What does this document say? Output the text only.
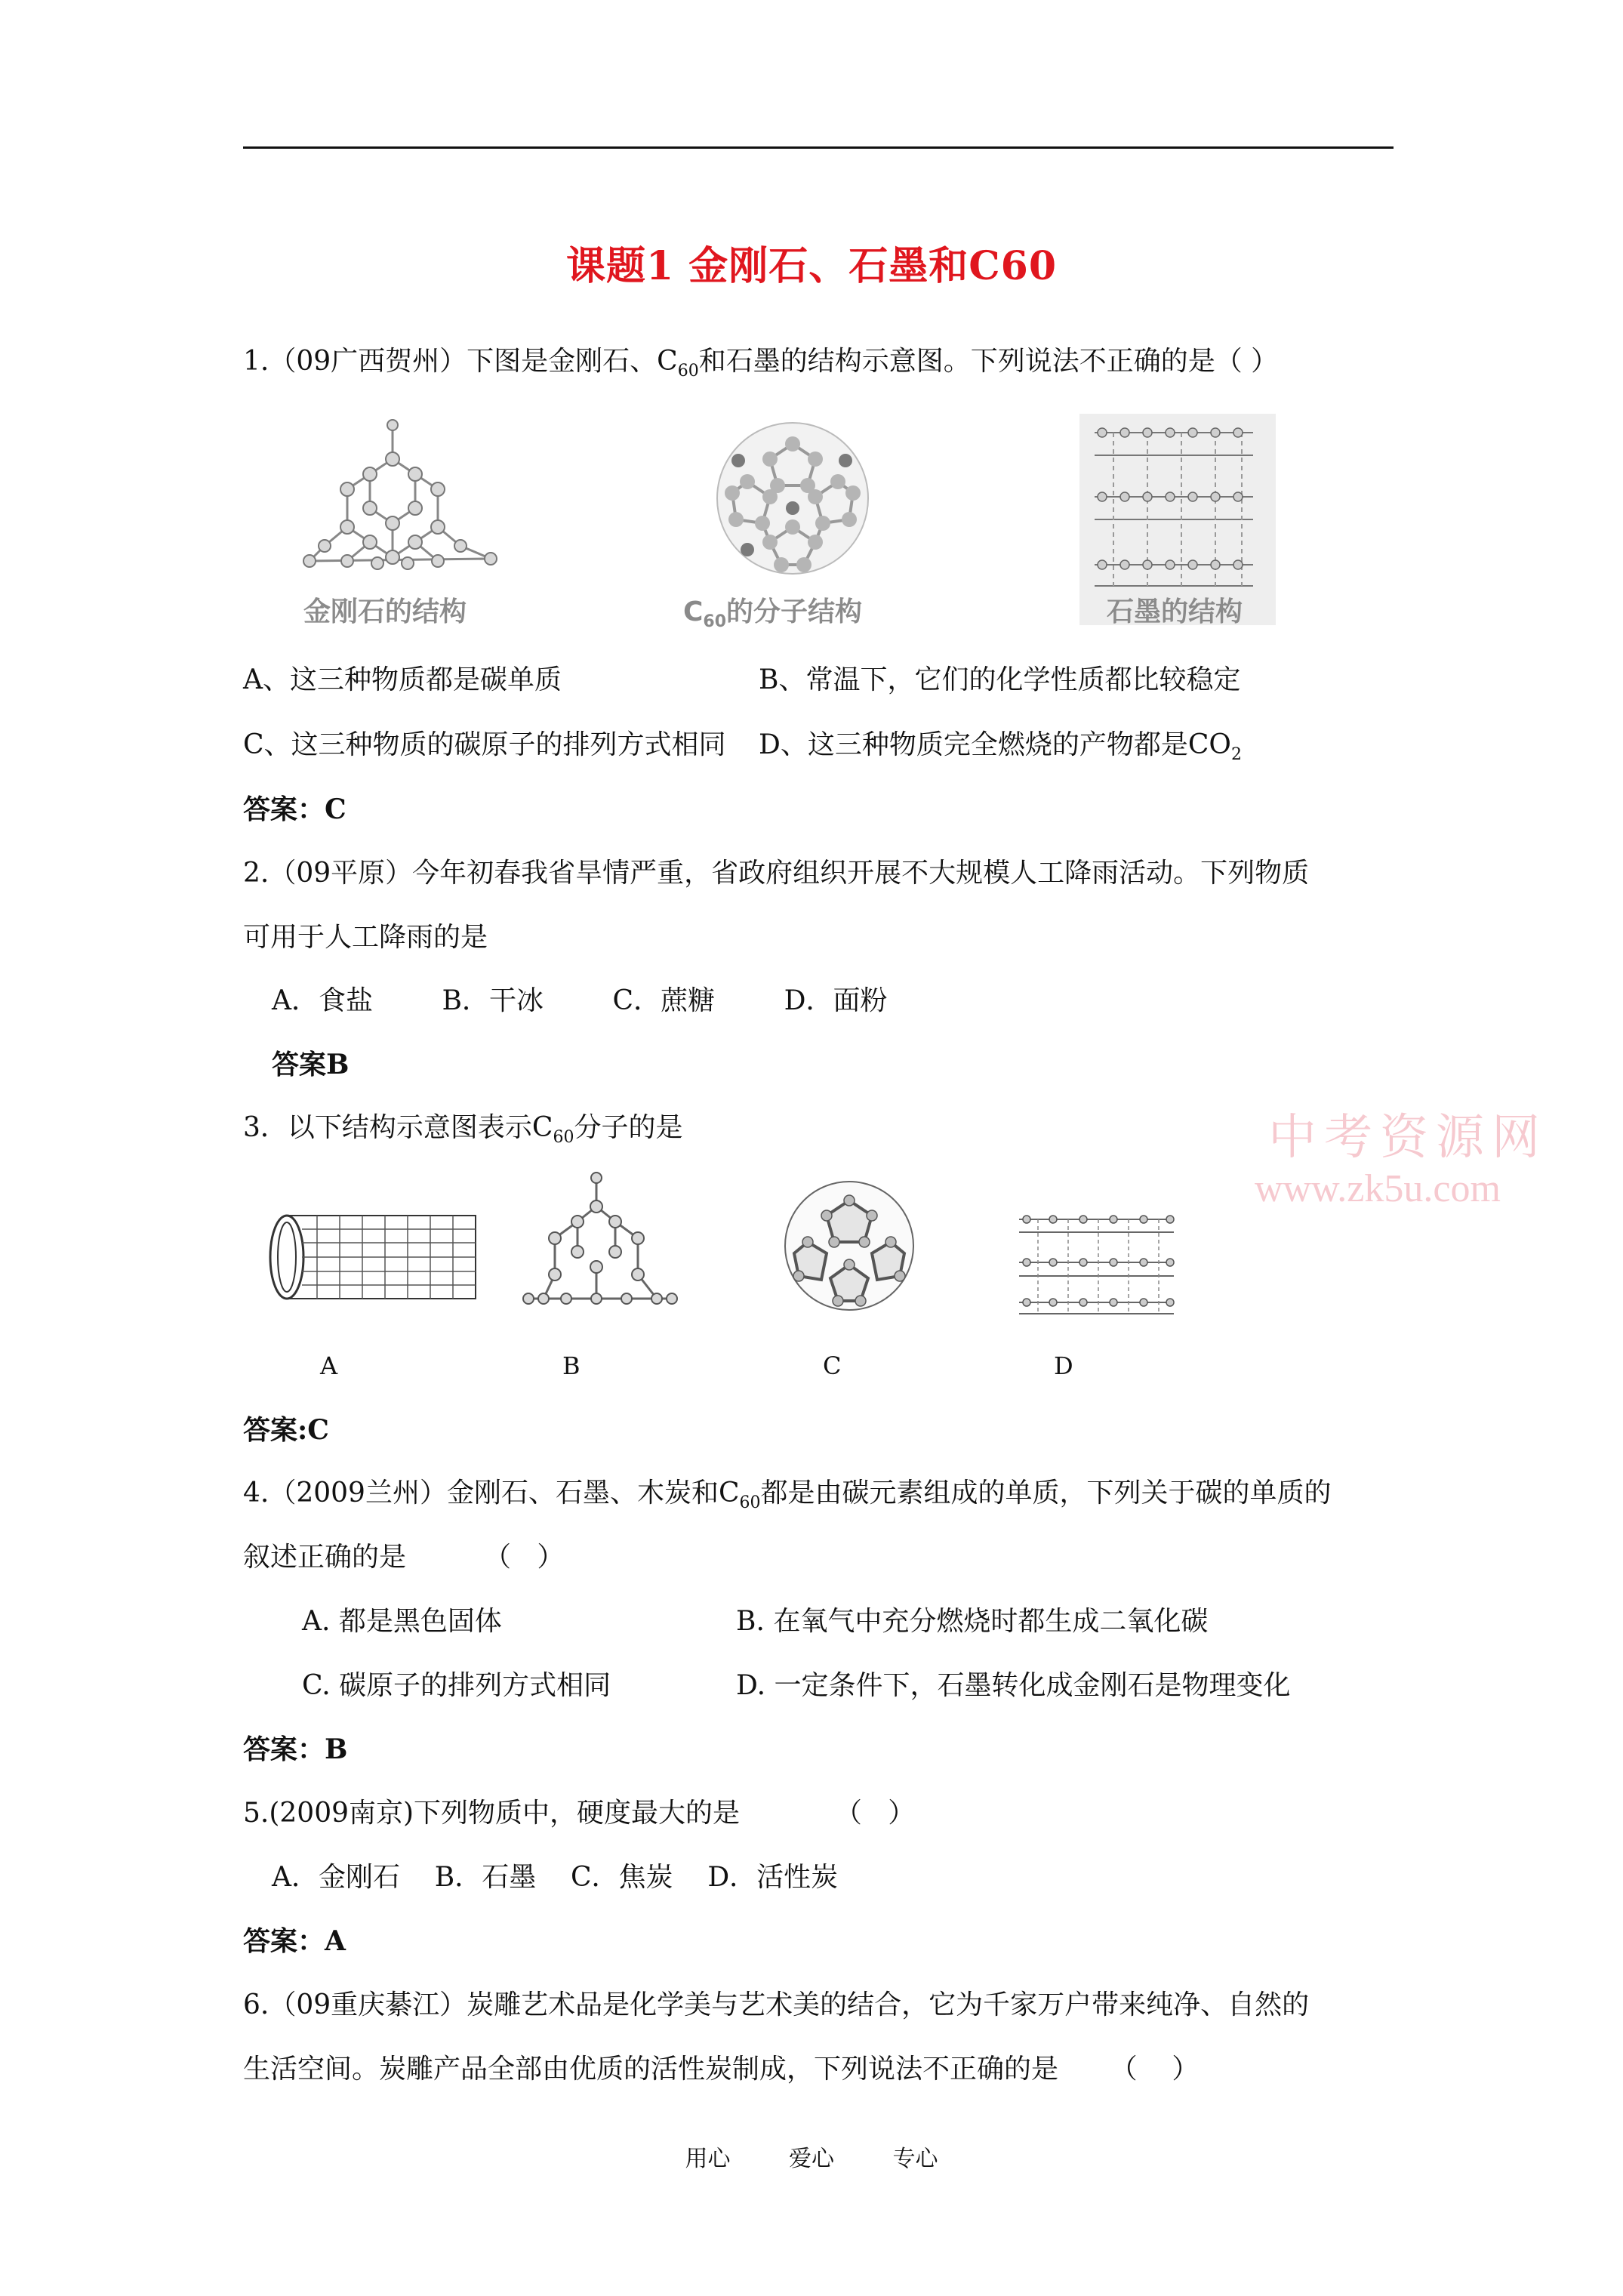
课题1 金刚石、石墨和C60
1.（09广西贺州）下图是金刚石、$C_{60}$和石墨的结构示意图。下列说法不正确的是（ ）
金刚石的结构	$C_{60}$的分子结构	石墨的结构
A、这三种物质都是碳单质	B、常温下，它们的化学性质都比较稳定
C、这三种物质的碳原子的排列方式相同 D、这三种物质完全燃烧的产物都是$CO_2$
答案：C
2.（09平原）今年初春我省旱情严重，省政府组织开展不大规模人工降雨活动。下列物质
可用于人工降雨的是
A．食盐        B．干冰        C．蔗糖        D．面粉
答案B
3．以下结构示意图表示$C_{60}$分子的是
A	B	C	D
答案:C
4.（2009兰州）金刚石、石墨、木炭和$C_{60}$都是由碳元素组成的单质，下列关于碳的单质的
叙述正确的是         （   ）
A. 都是黑色固体	B. 在氧气中充分燃烧时都生成二氧化碳
C. 碳原子的排列方式相同	D. 一定条件下，石墨转化成金刚石是物理变化
答案：B
5.(2009南京)下列物质中，硬度最大的是           （   ）
A．金刚石    B．石墨    C．焦炭    D．活性炭
答案：A
6.（09重庆綦江）炭雕艺术品是化学美与艺术美的结合，它为千家万户带来纯净、自然的
生活空间。炭雕产品全部由优质的活性炭制成，下列说法不正确的是      （    ）
中考资源网
www.zk5u.com
用心	爱心	专心
